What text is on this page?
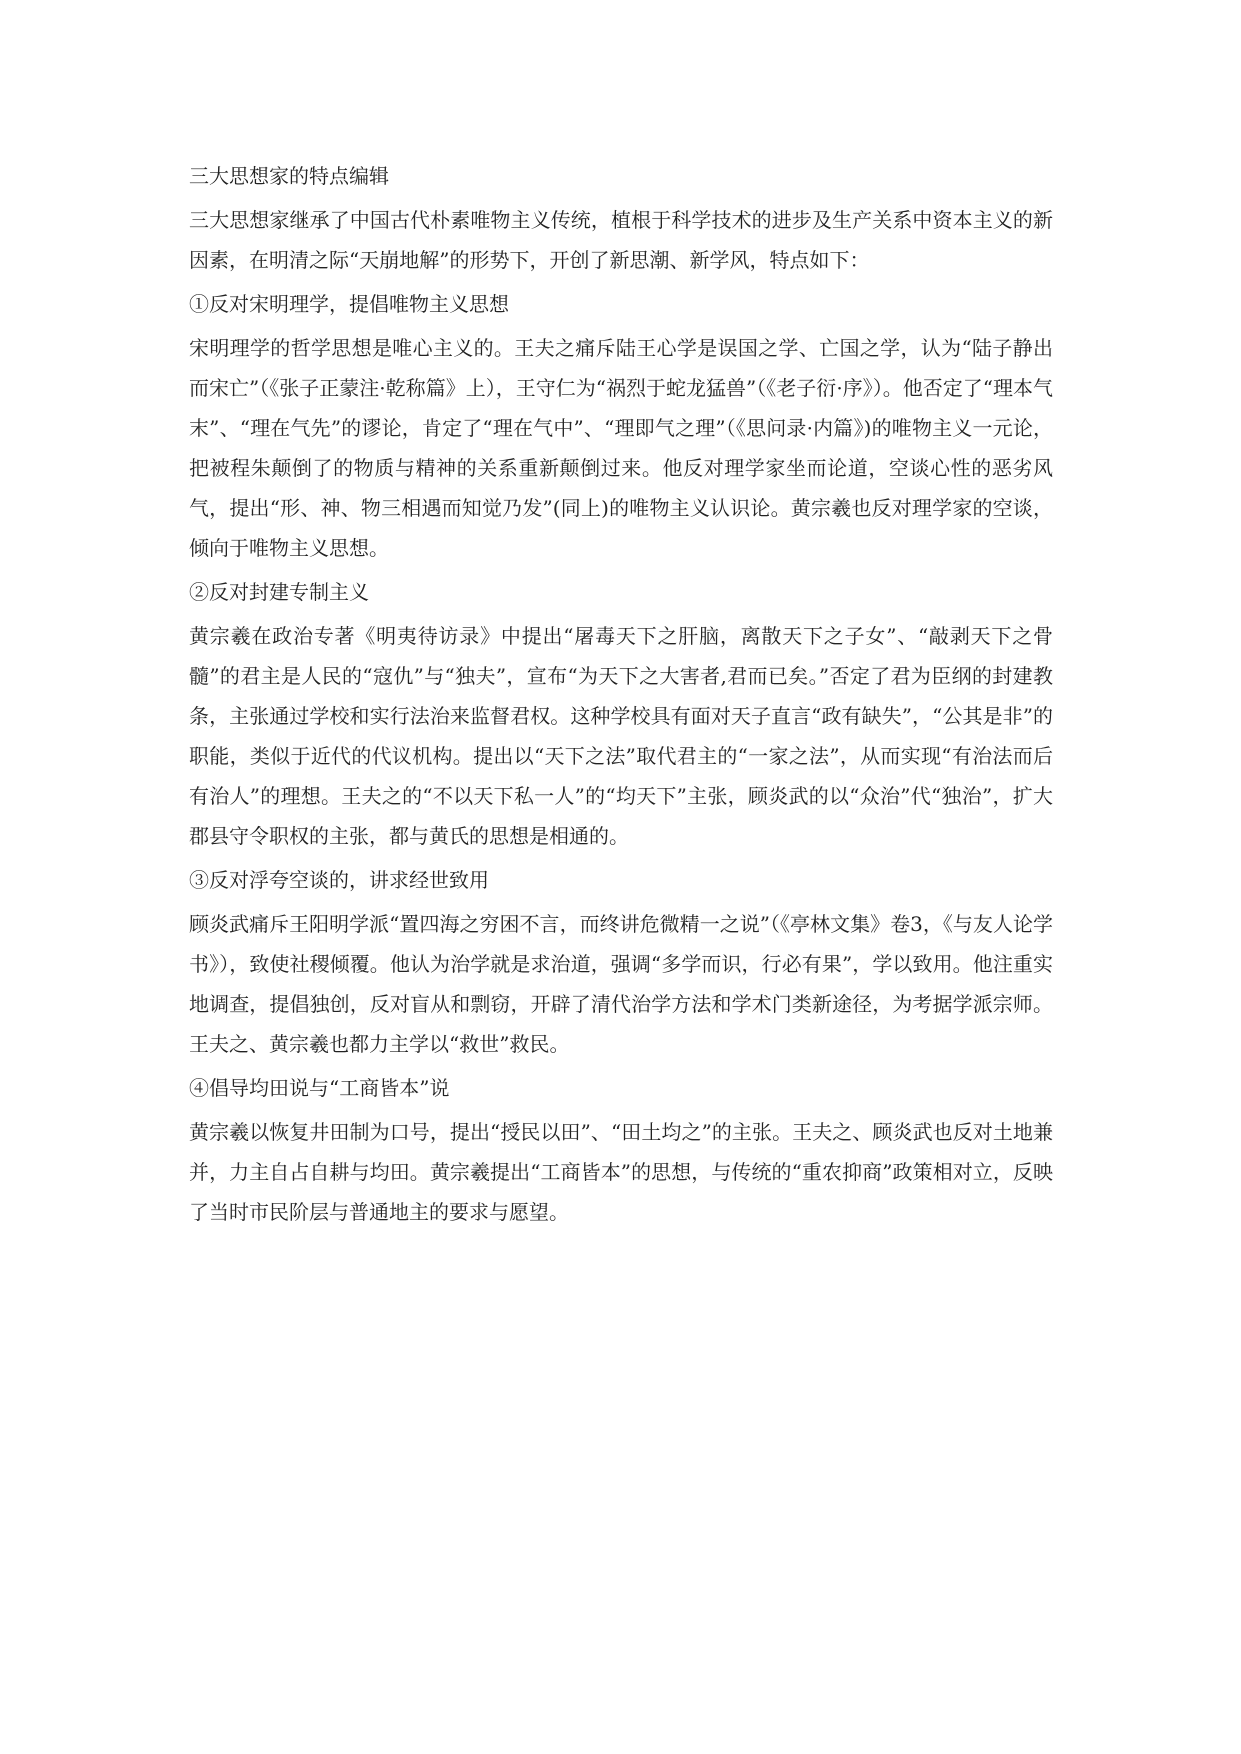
三大思想家的特点编辑

三大思想家继承了中国古代朴素唯物主义传统，植根于科学技术的进步及生产关系中资本主义的新因素，在明清之际“天崩地解”的形势下，开创了新思潮、新学风，特点如下：

①反对宋明理学，提倡唯物主义思想

宋明理学的哲学思想是唯心主义的。王夫之痛斥陆王心学是误国之学、亡国之学，认为“陆子静出而宋亡”（《张子正蒙注·乾称篇》上），王守仁为“祸烈于蛇龙猛兽”（《老子衍·序》）。他否定了“理本气末”、“理在气先”的谬论，肯定了“理在气中”、“理即气之理”（《思问录·内篇》)的唯物主义一元论，把被程朱颠倒了的物质与精神的关系重新颠倒过来。他反对理学家坐而论道，空谈心性的恶劣风气，提出“形、神、物三相遇而知觉乃发”(同上)的唯物主义认识论。黄宗羲也反对理学家的空谈，倾向于唯物主义思想。

②反对封建专制主义

黄宗羲在政治专著《明夷待访录》中提出“屠毒天下之肝脑，离散天下之子女”、“敲剥天下之骨髓”的君主是人民的“寇仇”与“独夫”，宣布“为天下之大害者,君而已矣。”否定了君为臣纲的封建教条，主张通过学校和实行法治来监督君权。这种学校具有面对天子直言“政有缺失”，“公其是非”的职能，类似于近代的代议机构。提出以“天下之法”取代君主的“一家之法”，从而实现“有治法而后有治人”的理想。王夫之的“不以天下私一人”的“均天下”主张，顾炎武的以“众治”代“独治”，扩大郡县守令职权的主张，都与黄氏的思想是相通的。

③反对浮夸空谈的，讲求经世致用

顾炎武痛斥王阳明学派“置四海之穷困不言，而终讲危微精一之说”（《亭林文集》卷3，《与友人论学书》），致使社稷倾覆。他认为治学就是求治道，强调“多学而识，行必有果”，学以致用。他注重实地调查，提倡独创，反对盲从和剽窃，开辟了清代治学方法和学术门类新途径，为考据学派宗师。王夫之、黄宗羲也都力主学以“救世”救民。

④倡导均田说与“工商皆本”说

黄宗羲以恢复井田制为口号，提出“授民以田”、“田土均之”的主张。王夫之、顾炎武也反对土地兼并，力主自占自耕与均田。黄宗羲提出“工商皆本”的思想，与传统的“重农抑商”政策相对立，反映了当时市民阶层与普通地主的要求与愿望。
